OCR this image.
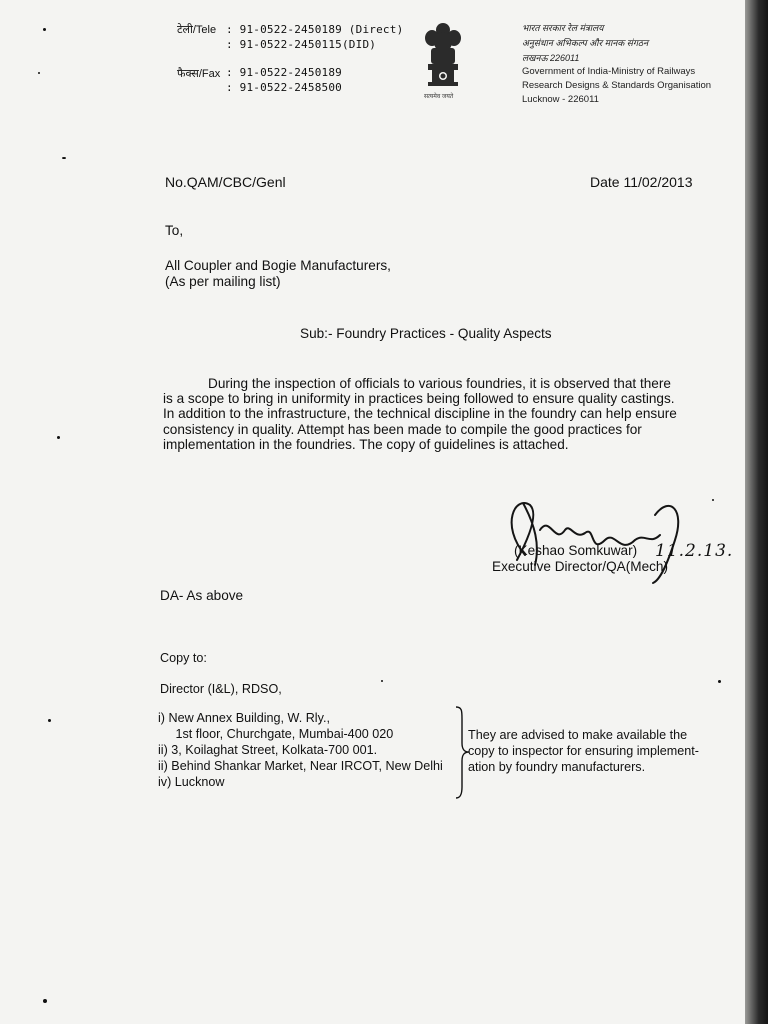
टेली/Tele : 91-0522-2450189 (Direct)
: 91-0522-2450115(DID)
फैक्स/Fax : 91-0522-2450189
: 91-0522-2458500
सत्यमेव जयते
भारत सरकार रेल मंत्रालय
अनुसंधान अभिकल्प और मानक संगठन
लखनऊ 226011
Government of India-Ministry of Railways
Research Designs & Standards Organisation
Lucknow - 226011
No.QAM/CBC/Genl	Date 11/02/2013
To,
All Coupler and Bogie Manufacturers,
(As per mailing list)
Sub:- Foundry Practices - Quality Aspects
During the inspection of officials to various foundries, it is observed that there
is a scope to bring in uniformity in practices being followed to ensure quality castings.
In addition to the infrastructure, the technical discipline in the foundry can help ensure
consistency in quality. Attempt has been made to compile the good practices for
implementation in the foundries. The copy of guidelines is attached.
(Keshao Somkuwar) 11.2.13.
Executive Director/QA(Mech)
DA- As above
Copy to:
Director (I&L), RDSO,
i) New Annex Building, W. Rly.,
1st floor, Churchgate, Mumbai-400 020
ii) 3, Koilaghat Street, Kolkata-700 001.
ii) Behind Shankar Market, Near IRCOT, New Delhi
iv) Lucknow
They are advised to make available the
copy to inspector for ensuring implement-
ation by foundry manufacturers.
